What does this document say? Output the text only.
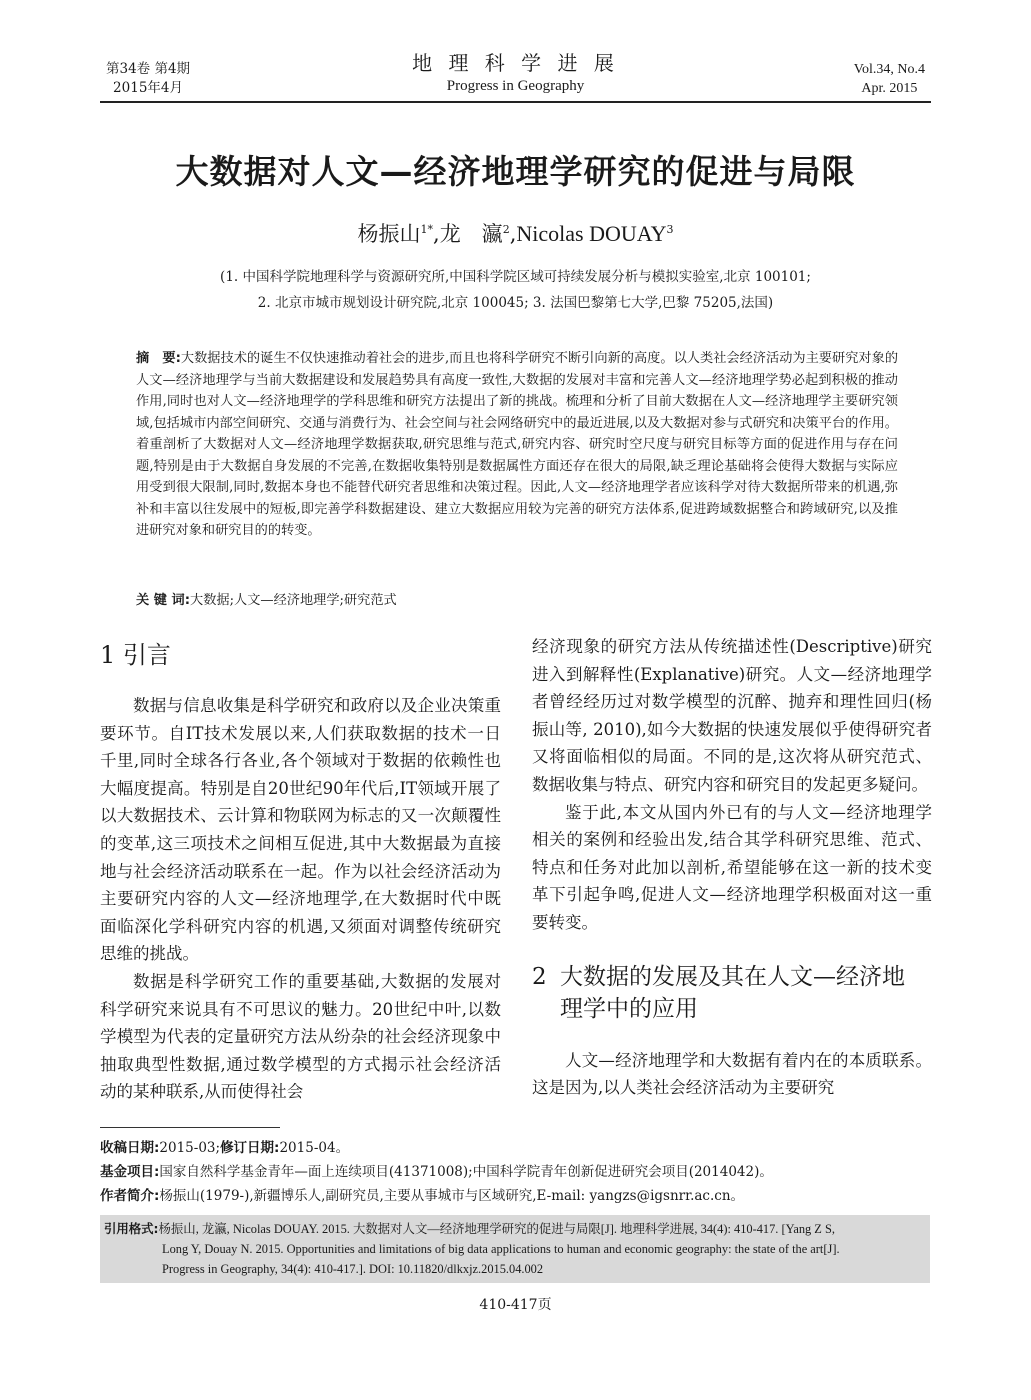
第34卷 第4期
2015年4月
地 理 科 学 进 展
Progress in Geography
Vol.34, No.4
Apr. 2015
大数据对人文—经济地理学研究的促进与局限
杨振山$^{1*}$,龙　瀛$^2$,Nicolas DOUAY$^3$
(1. 中国科学院地理科学与资源研究所,中国科学院区域可持续发展分析与模拟实验室,北京 100101;
2. 北京市城市规划设计研究院,北京 100045; 3. 法国巴黎第七大学,巴黎 75205,法国)
摘　要:大数据技术的诞生不仅快速推动着社会的进步,而且也将科学研究不断引向新的高度。以人类社会经济活动为主要研究对象的人文—经济地理学与当前大数据建设和发展趋势具有高度一致性,大数据的发展对丰富和完善人文—经济地理学势必起到积极的推动作用,同时也对人文—经济地理学的学科思维和研究方法提出了新的挑战。梳理和分析了目前大数据在人文—经济地理学主要研究领域,包括城市内部空间研究、交通与消费行为、社会空间与社会网络研究中的最近进展,以及大数据对参与式研究和决策平台的作用。着重剖析了大数据对人文—经济地理学数据获取,研究思维与范式,研究内容、研究时空尺度与研究目标等方面的促进作用与存在问题,特别是由于大数据自身发展的不完善,在数据收集特别是数据属性方面还存在很大的局限,缺乏理论基础将会使得大数据与实际应用受到很大限制,同时,数据本身也不能替代研究者思维和决策过程。因此,人文—经济地理学者应该科学对待大数据所带来的机遇,弥补和丰富以往发展中的短板,即完善学科数据建设、建立大数据应用较为完善的研究方法体系,促进跨域数据整合和跨域研究,以及推进研究对象和研究目的的转变。
关 键 词:大数据;人文—经济地理学;研究范式
1 引言

数据与信息收集是科学研究和政府以及企业决策重要环节。自IT技术发展以来,人们获取数据的技术一日千里,同时全球各行各业,各个领域对于数据的依赖性也大幅度提高。特别是自20世纪90年代后,IT领域开展了以大数据技术、云计算和物联网为标志的又一次颠覆性的变革,这三项技术之间相互促进,其中大数据最为直接地与社会经济活动联系在一起。作为以社会经济活动为主要研究内容的人文—经济地理学,在大数据时代中既面临深化学科研究内容的机遇,又须面对调整传统研究思维的挑战。

数据是科学研究工作的重要基础,大数据的发展对科学研究来说具有不可思议的魅力。20世纪中叶,以数学模型为代表的定量研究方法从纷杂的社会经济现象中抽取典型性数据,通过数学模型的方式揭示社会经济活动的某种联系,从而使得社会

经济现象的研究方法从传统描述性(Descriptive)研究进入到解释性(Explanative)研究。人文—经济地理学者曾经经历过对数学模型的沉醉、抛弃和理性回归(杨振山等, 2010),如今大数据的快速发展似乎使得研究者又将面临相似的局面。不同的是,这次将从研究范式、数据收集与特点、研究内容和研究目的发起更多疑问。

鉴于此,本文从国内外已有的与人文—经济地理学相关的案例和经验出发,结合其学科研究思维、范式、特点和任务对此加以剖析,希望能够在这一新的技术变革下引起争鸣,促进人文—经济地理学积极面对这一重要转变。

2 大数据的发展及其在人文—经济地
理学中的应用

人文—经济地理学和大数据有着内在的本质联系。这是因为,以人类社会经济活动为主要研究

收稿日期:2015-03;修订日期:2015-04。
基金项目:国家自然科学基金青年—面上连续项目(41371008);中国科学院青年创新促进研究会项目(2014042)。
作者简介:杨振山(1979-),新疆博乐人,副研究员,主要从事城市与区域研究,E-mail: yangzs@igsnrr.ac.cn。
引用格式:杨振山, 龙瀛, Nicolas DOUAY. 2015. 大数据对人文—经济地理学研究的促进与局限[J]. 地理科学进展, 34(4): 410-417. [Yang Z S,
Long Y, Douay N. 2015. Opportunities and limitations of big data applications to human and economic geography: the state of the art[J].
Progress in Geography, 34(4): 410-417.]. DOI: 10.11820/dlkxjz.2015.04.002
410-417页
